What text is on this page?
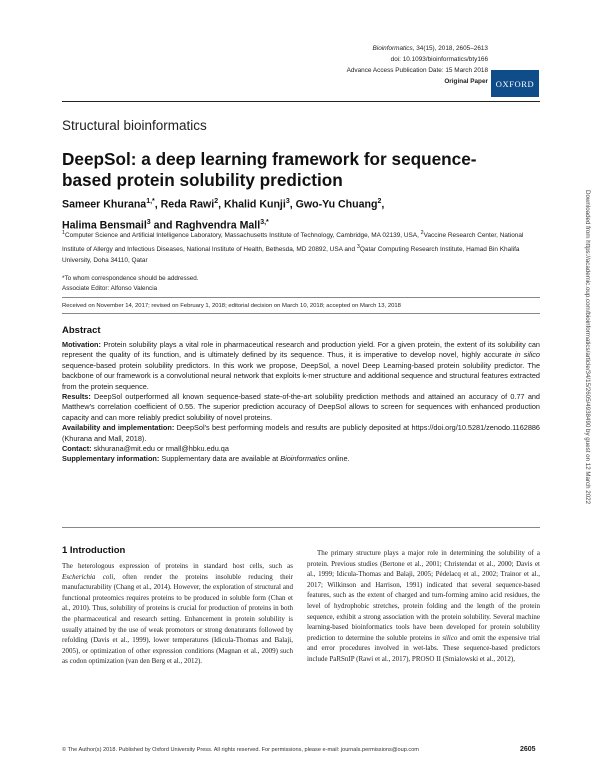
Bioinformatics, 34(15), 2018, 2605–2613
doi: 10.1093/bioinformatics/bty166
Advance Access Publication Date: 15 March 2018
Original Paper OXFORD
Structural bioinformatics
DeepSol: a deep learning framework for sequence-based protein solubility prediction
Sameer Khurana$^{1,*}$, Reda Rawi$^2$, Khalid Kunji$^3$, Gwo-Yu Chuang$^2$,
Halima Bensmail$^3$ and Raghvendra Mall$^{3,*}$
$^1$Computer Science and Artificial Intelligence Laboratory, Massachusetts Institute of Technology, Cambridge, MA 02139, USA, $^2$Vaccine Research Center, National Institute of Allergy and Infectious Diseases, National Institute of Health, Bethesda, MD 20892, USA and $^3$Qatar Computing Research Institute, Hamad Bin Khalifa University, Doha 34110, Qatar
*To whom correspondence should be addressed.
Associate Editor: Alfonso Valencia
Received on November 14, 2017; revised on February 1, 2018; editorial decision on March 10, 2018; accepted on March 13, 2018
Abstract
Motivation: Protein solubility plays a vital role in pharmaceutical research and production yield. For a given protein, the extent of its solubility can represent the quality of its function, and is ultimately defined by its sequence. Thus, it is imperative to develop novel, highly accurate in silico sequence-based protein solubility predictors. In this work we propose, DeepSol, a novel Deep Learning-based protein solubility predictor. The backbone of our framework is a convolutional neural network that exploits k-mer structure and additional sequence and structural features extracted from the protein sequence.
Results: DeepSol outperformed all known sequence-based state-of-the-art solubility prediction methods and attained an accuracy of 0.77 and Matthew's correlation coefficient of 0.55. The superior prediction accuracy of DeepSol allows to screen for sequences with enhanced production capacity and can more reliably predict solubility of novel proteins.
Availability and implementation: DeepSol's best performing models and results are publicly deposited at https://doi.org/10.5281/zenodo.1162886 (Khurana and Mall, 2018).
Contact: skhurana@mit.edu or rmall@hbku.edu.qa
Supplementary information: Supplementary data are available at Bioinformatics online.
1 Introduction
The heterologous expression of proteins in standard host cells, such as Escherichia coli, often render the proteins insoluble reducing their manufacturability (Chang et al., 2014). However, the exploration of structural and functional proteomics requires proteins to be produced in soluble form (Chan et al., 2010). Thus, solubility of proteins is crucial for production of proteins in both the pharmaceutical and research setting. Enhancement in protein solubility is usually attained by the use of weak promotors or strong denaturants followed by refolding (Davis et al., 1999), lower temperatures (Idicula-Thomas and Balaji, 2005), or optimization of other expression conditions (Magnan et al., 2009) such as codon optimization (van den Berg et al., 2012).
The primary structure plays a major role in determining the solubility of a protein. Previous studies (Bertone et al., 2001; Christendat et al., 2000; Davis et al., 1999; Idicula-Thomas and Balaji, 2005; Pédelacq et al., 2002; Trainor et al., 2017; Wilkinson and Harrison, 1991) indicated that several sequence-based features, such as the extent of charged and turn-forming amino acid residues, the level of hydrophobic stretches, protein folding and the length of the protein sequence, exhibit a strong association with the protein solubility. Several machine learning-based bioinformatics tools have been developed for protein solubility prediction to determine the soluble proteins in silico and omit the expensive trial and error procedures involved in wet-labs. These sequence-based predictors include PaRSnIP (Rawi et al., 2017), PROSO II (Smialowski et al., 2012),
Downloaded from https://academic.oup.com/bioinformatics/article/34/15/2605/4938490 by guest on 12 March 2022
© The Author(s) 2018. Published by Oxford University Press. All rights reserved. For permissions, please e-mail: journals.permissions@oup.com	2605
